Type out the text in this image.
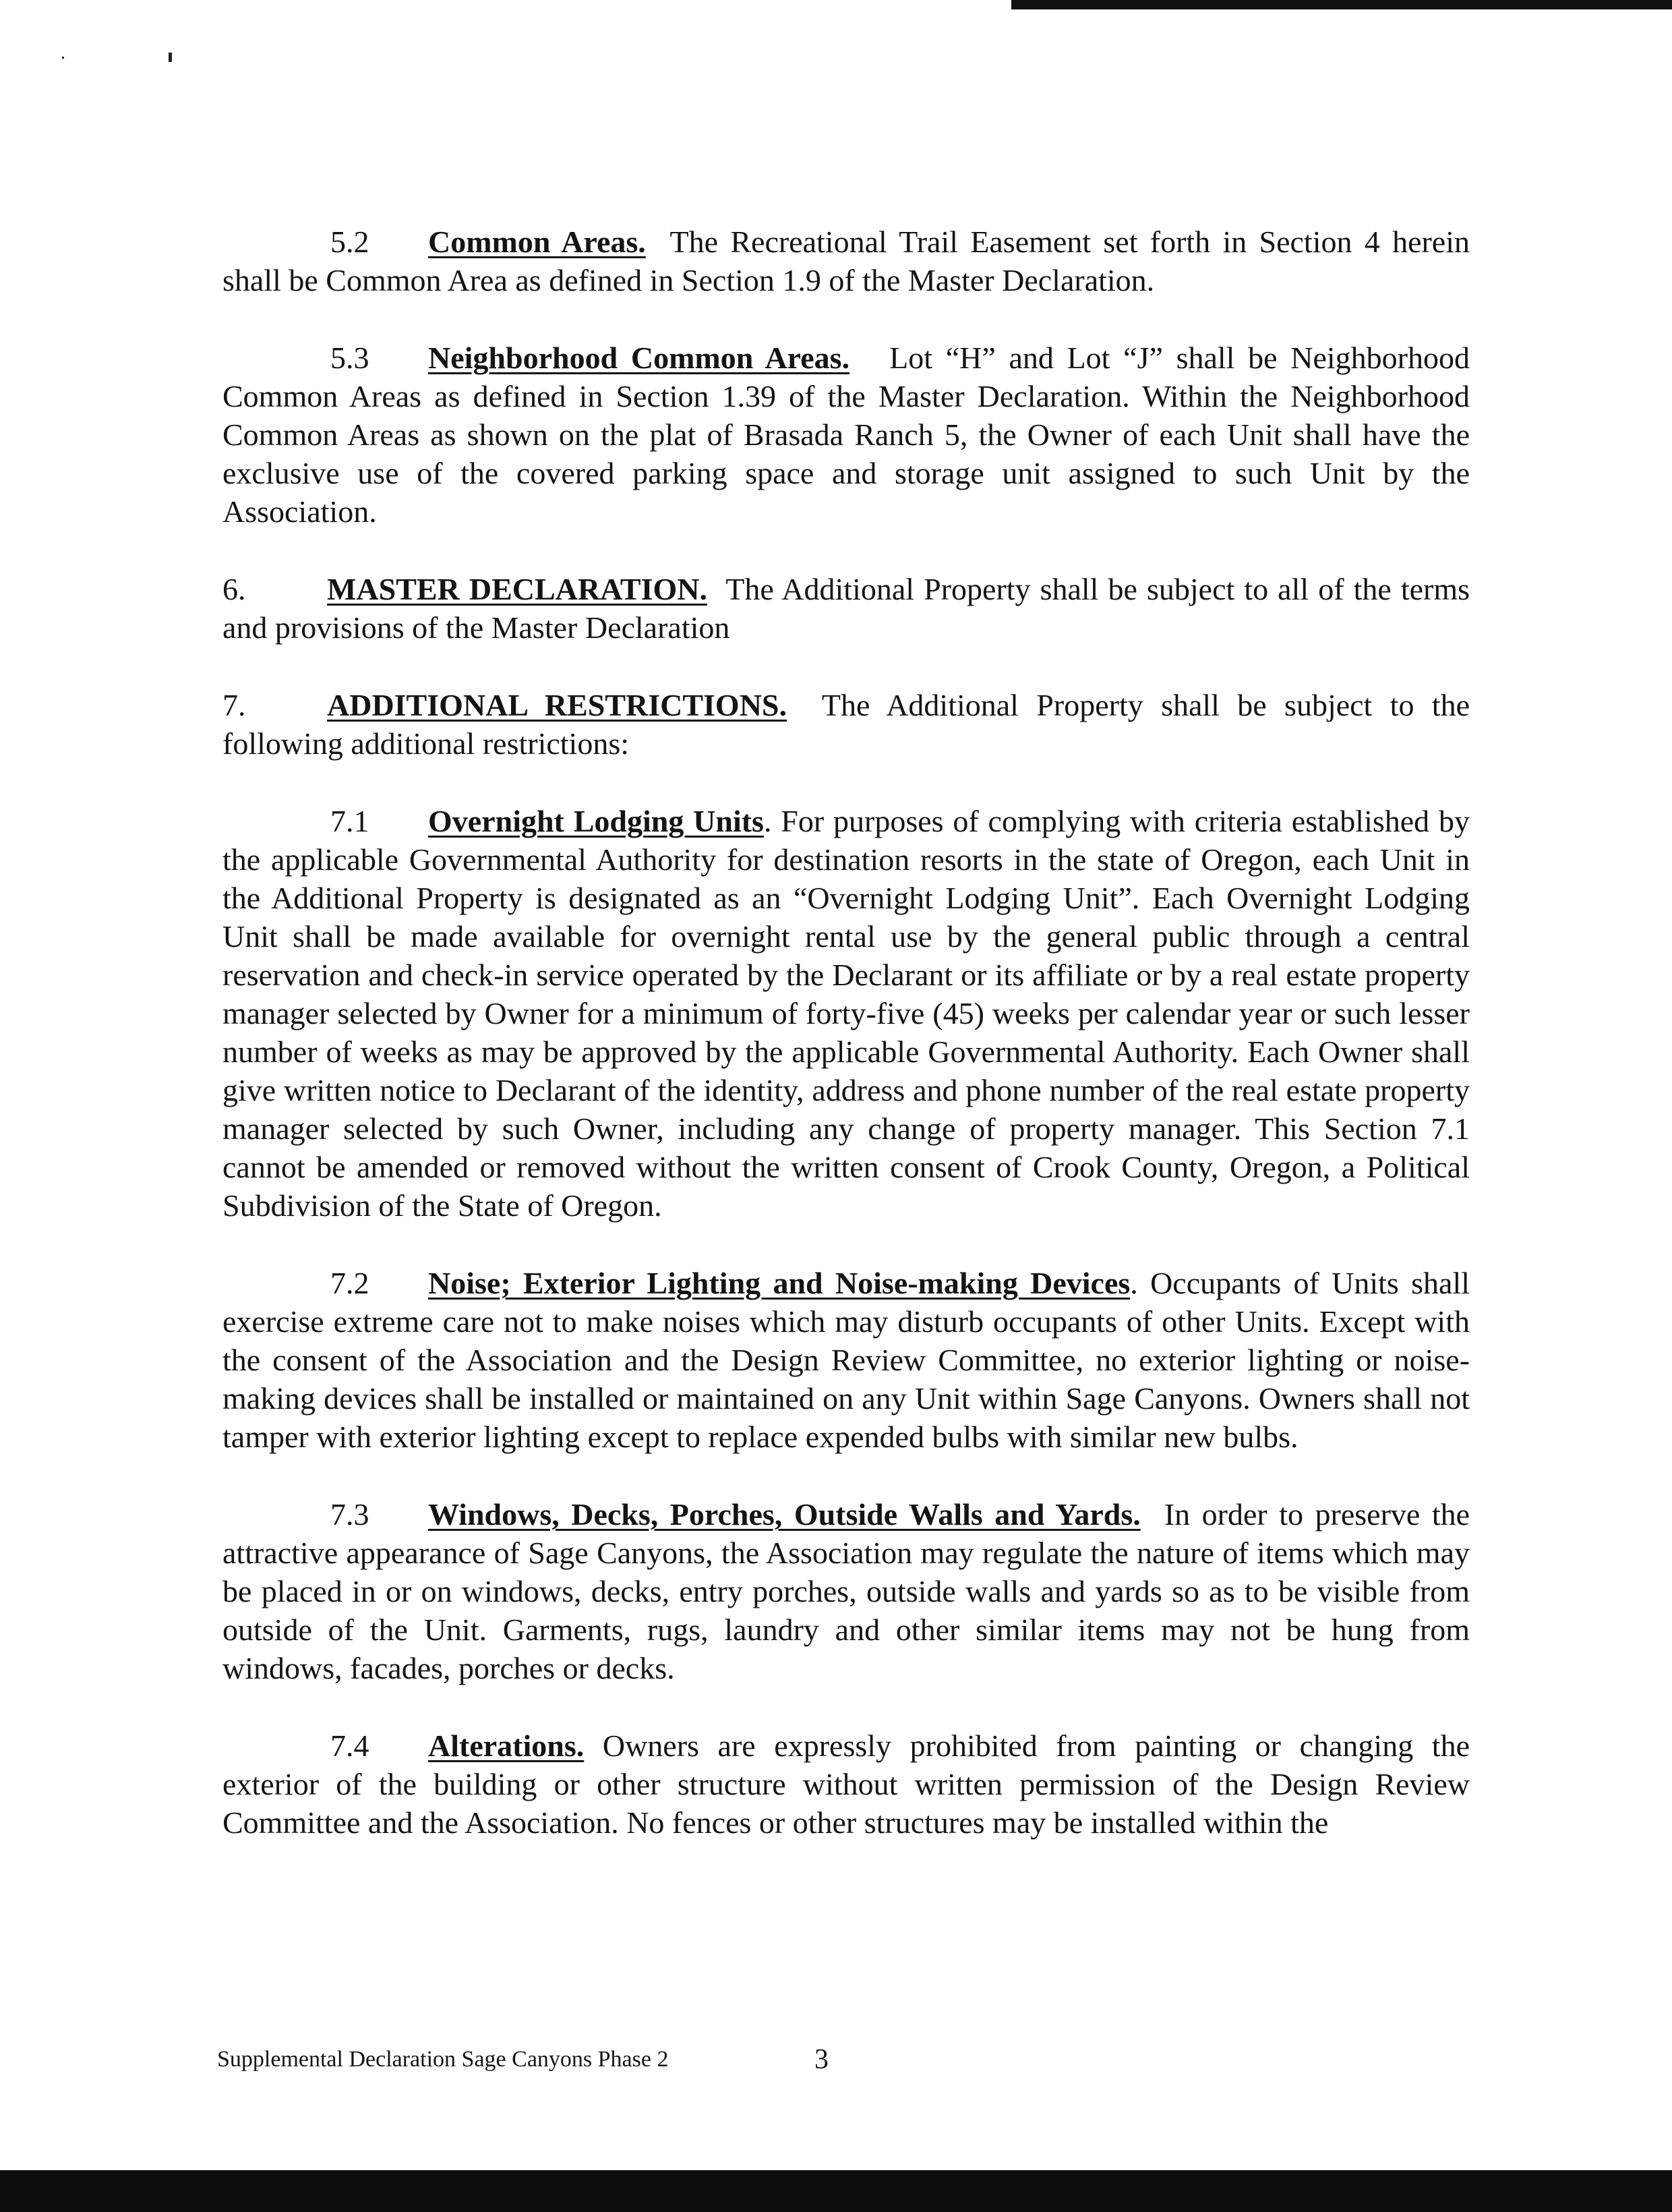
5.2 Common Areas. The Recreational Trail Easement set forth in Section 4 herein shall be Common Area as defined in Section 1.9 of the Master Declaration.

5.3 Neighborhood Common Areas. Lot “H” and Lot “J” shall be Neighborhood Common Areas as defined in Section 1.39 of the Master Declaration. Within the Neighborhood Common Areas as shown on the plat of Brasada Ranch 5, the Owner of each Unit shall have the exclusive use of the covered parking space and storage unit assigned to such Unit by the Association.

6.	MASTER DECLARATION. The Additional Property shall be subject to all of the terms and provisions of the Master Declaration

7.	ADDITIONAL RESTRICTIONS. The Additional Property shall be subject to the following additional restrictions:

7.1 Overnight Lodging Units. For purposes of complying with criteria established by the applicable Governmental Authority for destination resorts in the state of Oregon, each Unit in the Additional Property is designated as an “Overnight Lodging Unit”. Each Overnight Lodging Unit shall be made available for overnight rental use by the general public through a central reservation and check-in service operated by the Declarant or its affiliate or by a real estate property manager selected by Owner for a minimum of forty-five (45) weeks per calendar year or such lesser number of weeks as may be approved by the applicable Governmental Authority. Each Owner shall give written notice to Declarant of the identity, address and phone number of the real estate property manager selected by such Owner, including any change of property manager. This Section 7.1 cannot be amended or removed without the written consent of Crook County, Oregon, a Political Subdivision of the State of Oregon.

7.2 Noise; Exterior Lighting and Noise-making Devices. Occupants of Units shall exercise extreme care not to make noises which may disturb occupants of other Units. Except with the consent of the Association and the Design Review Committee, no exterior lighting or noise-making devices shall be installed or maintained on any Unit within Sage Canyons. Owners shall not tamper with exterior lighting except to replace expended bulbs with similar new bulbs.

7.3 Windows, Decks, Porches, Outside Walls and Yards. In order to preserve the attractive appearance of Sage Canyons, the Association may regulate the nature of items which may be placed in or on windows, decks, entry porches, outside walls and yards so as to be visible from outside of the Unit. Garments, rugs, laundry and other similar items may not be hung from windows, facades, porches or decks.

7.4 Alterations. Owners are expressly prohibited from painting or changing the exterior of the building or other structure without written permission of the Design Review Committee and the Association. No fences or other structures may be installed within the

Supplemental Declaration Sage Canyons Phase 2	3
